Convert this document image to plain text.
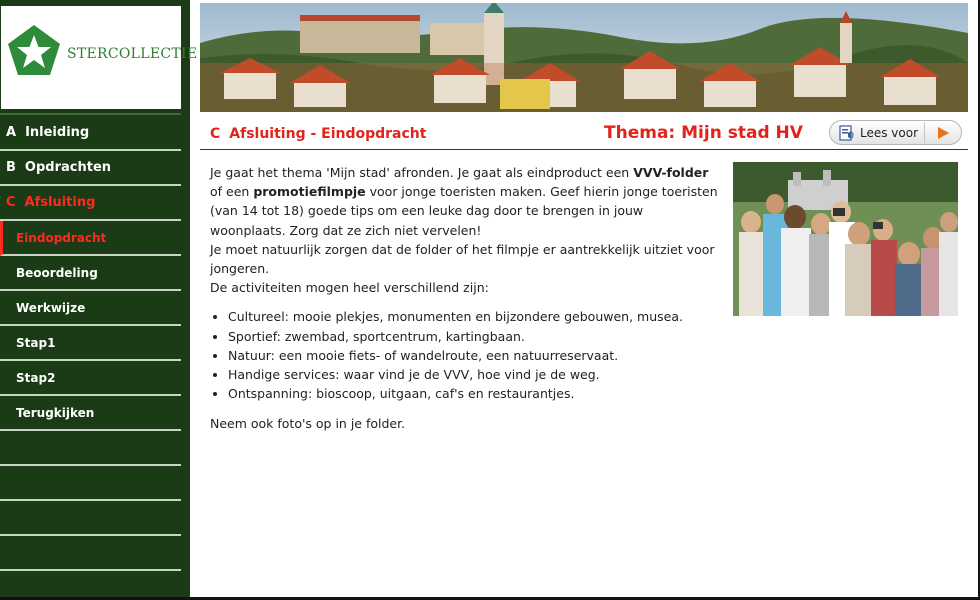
STERCOLLECTIE
A Inleiding
B Opdrachten
C Afsluiting
Eindopdracht
Beoordeling
Werkwijze
Stap1
Stap2
Terugkijken
C Afsluiting - Eindopdracht	Thema: Mijn stad HV	Lees voor

Je gaat het thema 'Mijn stad' afronden. Je gaat als eindproduct een VVV-folder of een promotiefilmpje voor jonge toeristen maken. Geef hierin jonge toeristen (van 14 tot 18) goede tips om een leuke dag door te brengen in jouw woonplaats. Zorg dat ze zich niet vervelen!

Je moet natuurlijk zorgen dat de folder of het filmpje er aantrekkelijk uitziet voor jongeren.

De activiteiten mogen heel verschillend zijn:

• Cultureel: mooie plekjes, monumenten en bijzondere gebouwen, musea.
• Sportief: zwembad, sportcentrum, kartingbaan.
• Natuur: een mooie fiets- of wandelroute, een natuurreservaat.
• Handige services: waar vind je de VVV, hoe vind je de weg.
• Ontspanning: bioscoop, uitgaan, caf's en restaurantjes.

Neem ook foto's op in je folder.
